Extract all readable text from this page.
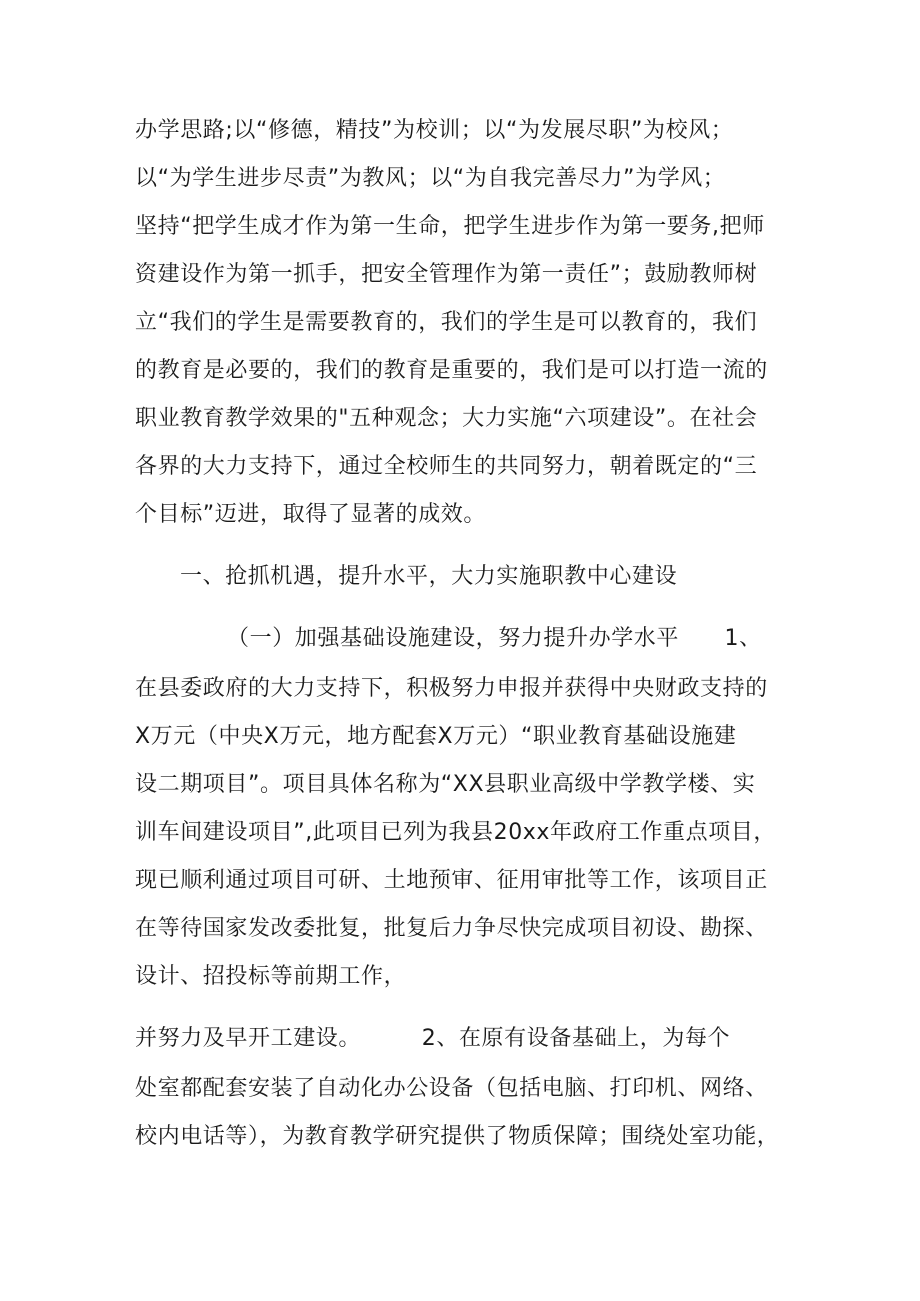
办学思路;以“修德，精技”为校训；以“为发展尽职”为校风；
以“为学生进步尽责”为教风；以“为自我完善尽力”为学风；
坚持“把学生成才作为第一生命，把学生进步作为第一要务,把师
资建设作为第一抓手，把安全管理作为第一责任”；鼓励教师树
立“我们的学生是需要教育的，我们的学生是可以教育的，我们
的教育是必要的，我们的教育是重要的，我们是可以打造一流的
职业教育教学效果的"五种观念；大力实施“六项建设”。在社会
各界的大力支持下，通过全校师生的共同努力，朝着既定的“三
个目标”迈进，取得了显著的成效。
一、抢抓机遇，提升水平，大力实施职教中心建设
（一）加强基础设施建设，努力提升办学水平      1、
在县委政府的大力支持下，积极努力申报并获得中央财政支持的
X万元（中央X万元，地方配套X万元）“职业教育基础设施建
设二期项目”。项目具体名称为“XX县职业高级中学教学楼、实
训车间建设项目”,此项目已列为我县20xx年政府工作重点项目，
现已顺利通过项目可研、土地预审、征用审批等工作，该项目正
在等待国家发改委批复，批复后力争尽快完成项目初设、勘探、
设计、招投标等前期工作，
并努力及早开工建设。        2、在原有设备基础上，为每个
处室都配套安装了自动化办公设备（包括电脑、打印机、网络、
校内电话等），为教育教学研究提供了物质保障；围绕处室功能，
